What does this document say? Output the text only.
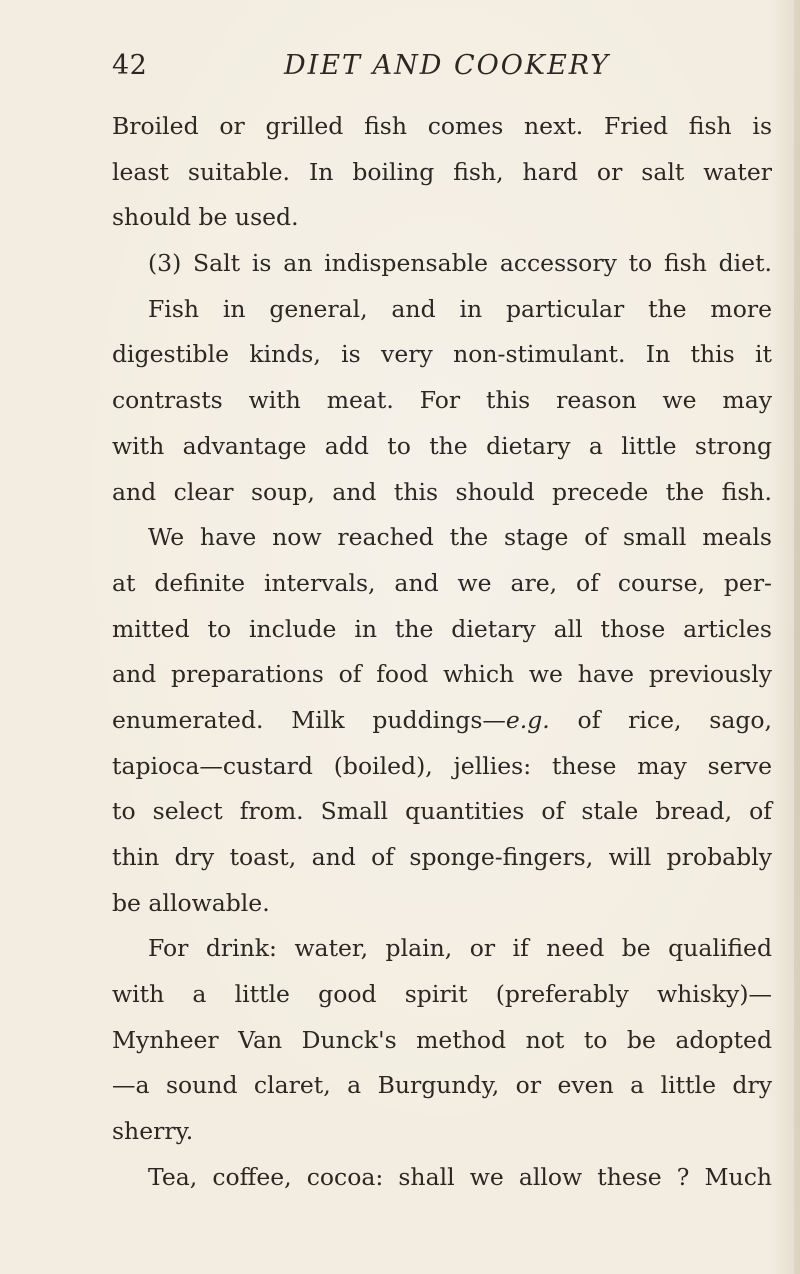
42	DIET AND COOKERY
Broiled or grilled fish comes next. Fried fish is
least suitable. In boiling fish, hard or salt water
should be used.
(3) Salt is an indispensable accessory to fish diet.
Fish in general, and in particular the more
digestible kinds, is very non-stimulant. In this it
contrasts with meat. For this reason we may
with advantage add to the dietary a little strong
and clear soup, and this should precede the fish.
We have now reached the stage of small meals
at definite intervals, and we are, of course, per-
mitted to include in the dietary all those articles
and preparations of food which we have previously
enumerated. Milk puddings—e.g. of rice, sago,
tapioca—custard (boiled), jellies: these may serve
to select from. Small quantities of stale bread, of
thin dry toast, and of sponge-fingers, will probably
be allowable.
For drink: water, plain, or if need be qualified
with a little good spirit (preferably whisky)—
Mynheer Van Dunck's method not to be adopted
—a sound claret, a Burgundy, or even a little dry
sherry.
Tea, coffee, cocoa: shall we allow these ? Much
